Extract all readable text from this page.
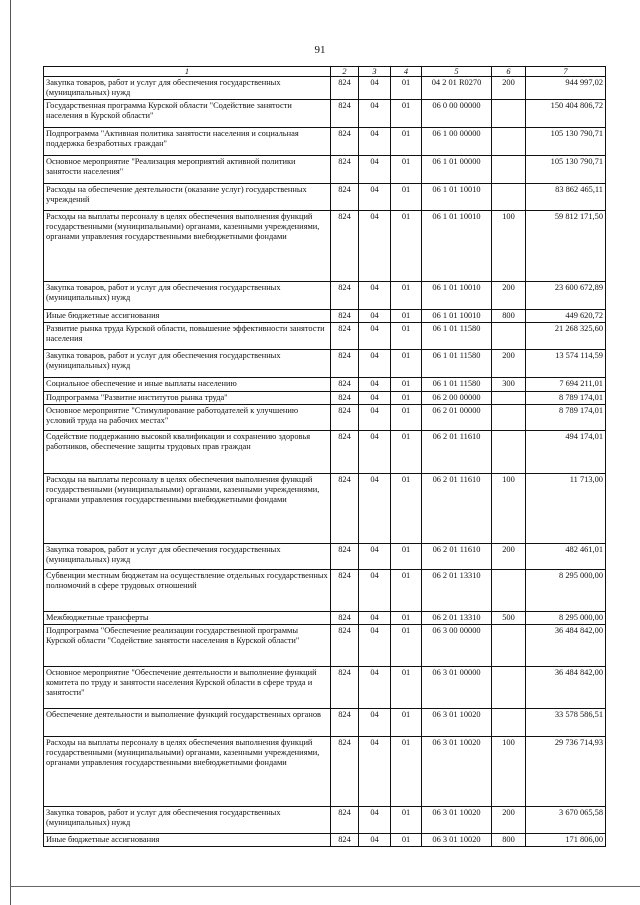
91
1	2	3	4	5	6	7
Закупка товаров, работ и услуг для обеспечения государственных (муниципальных) нужд	824	04	01	04 2 01 R0270	200	944 997,02
Государственная программа Курской области "Содействие занятости населения в Курской области"	824	04	01	06 0 00 00000		150 404 806,72
Подпрограмма "Активная политика занятости населения и социальная поддержка безработных граждан"	824	04	01	06 1 00 00000		105 130 790,71
Основное мероприятие "Реализация мероприятий активной политики занятости населения"	824	04	01	06 1 01 00000		105 130 790,71
Расходы на обеспечение деятельности (оказание услуг) государственных учреждений	824	04	01	06 1 01 10010		83 862 465,11
Расходы на выплаты персоналу в целях обеспечения выполнения функций государственными (муниципальными) органами, казенными учреждениями, органами управления государственными внебюджетными фондами	824	04	01	06 1 01 10010	100	59 812 171,50
Закупка товаров, работ и услуг для обеспечения государственных (муниципальных) нужд	824	04	01	06 1 01 10010	200	23 600 672,89
Иные бюджетные ассигнования	824	04	01	06 1 01 10010	800	449 620,72
Развитие рынка труда Курской области, повышение эффективности занятости населения	824	04	01	06 1 01 11580		21 268 325,60
Закупка товаров, работ и услуг для обеспечения государственных (муниципальных) нужд	824	04	01	06 1 01 11580	200	13 574 114,59
Социальное обеспечение и иные выплаты населению	824	04	01	06 1 01 11580	300	7 694 211,01
Подпрограмма "Развитие институтов рынка труда"	824	04	01	06 2 00 00000		8 789 174,01
Основное мероприятие "Стимулирование работодателей к улучшению условий труда на рабочих местах"	824	04	01	06 2 01 00000		8 789 174,01
Содействие поддержанию высокой квалификации и сохранению здоровья работников, обеспечение защиты трудовых прав граждан	824	04	01	06 2 01 11610		494 174,01
Расходы на выплаты персоналу в целях обеспечения выполнения функций государственными (муниципальными) органами, казенными учреждениями, органами управления государственными внебюджетными фондами	824	04	01	06 2 01 11610	100	11 713,00
Закупка товаров, работ и услуг для обеспечения государственных (муниципальных) нужд	824	04	01	06 2 01 11610	200	482 461,01
Субвенции местным бюджетам на осуществление отдельных государственных полномочий в сфере трудовых отношений	824	04	01	06 2 01 13310		8 295 000,00
Межбюджетные трансферты	824	04	01	06 2 01 13310	500	8 295 000,00
Подпрограмма "Обеспечение реализации государственной программы Курской области "Содействие занятости населения в Курской области"	824	04	01	06 3 00 00000		36 484 842,00
Основное мероприятие "Обеспечение деятельности и выполнение функций комитета по труду и занятости населения Курской области в сфере труда и занятости"	824	04	01	06 3 01 00000		36 484 842,00
Обеспечение деятельности и выполнение функций государственных органов	824	04	01	06 3 01 10020		33 578 586,51
Расходы на выплаты персоналу в целях обеспечения выполнения функций государственными (муниципальными) органами, казенными учреждениями, органами управления государственными внебюджетными фондами	824	04	01	06 3 01 10020	100	29 736 714,93
Закупка товаров, работ и услуг для обеспечения государственных (муниципальных) нужд	824	04	01	06 3 01 10020	200	3 670 065,58
Иные бюджетные ассигнования	824	04	01	06 3 01 10020	800	171 806,00
